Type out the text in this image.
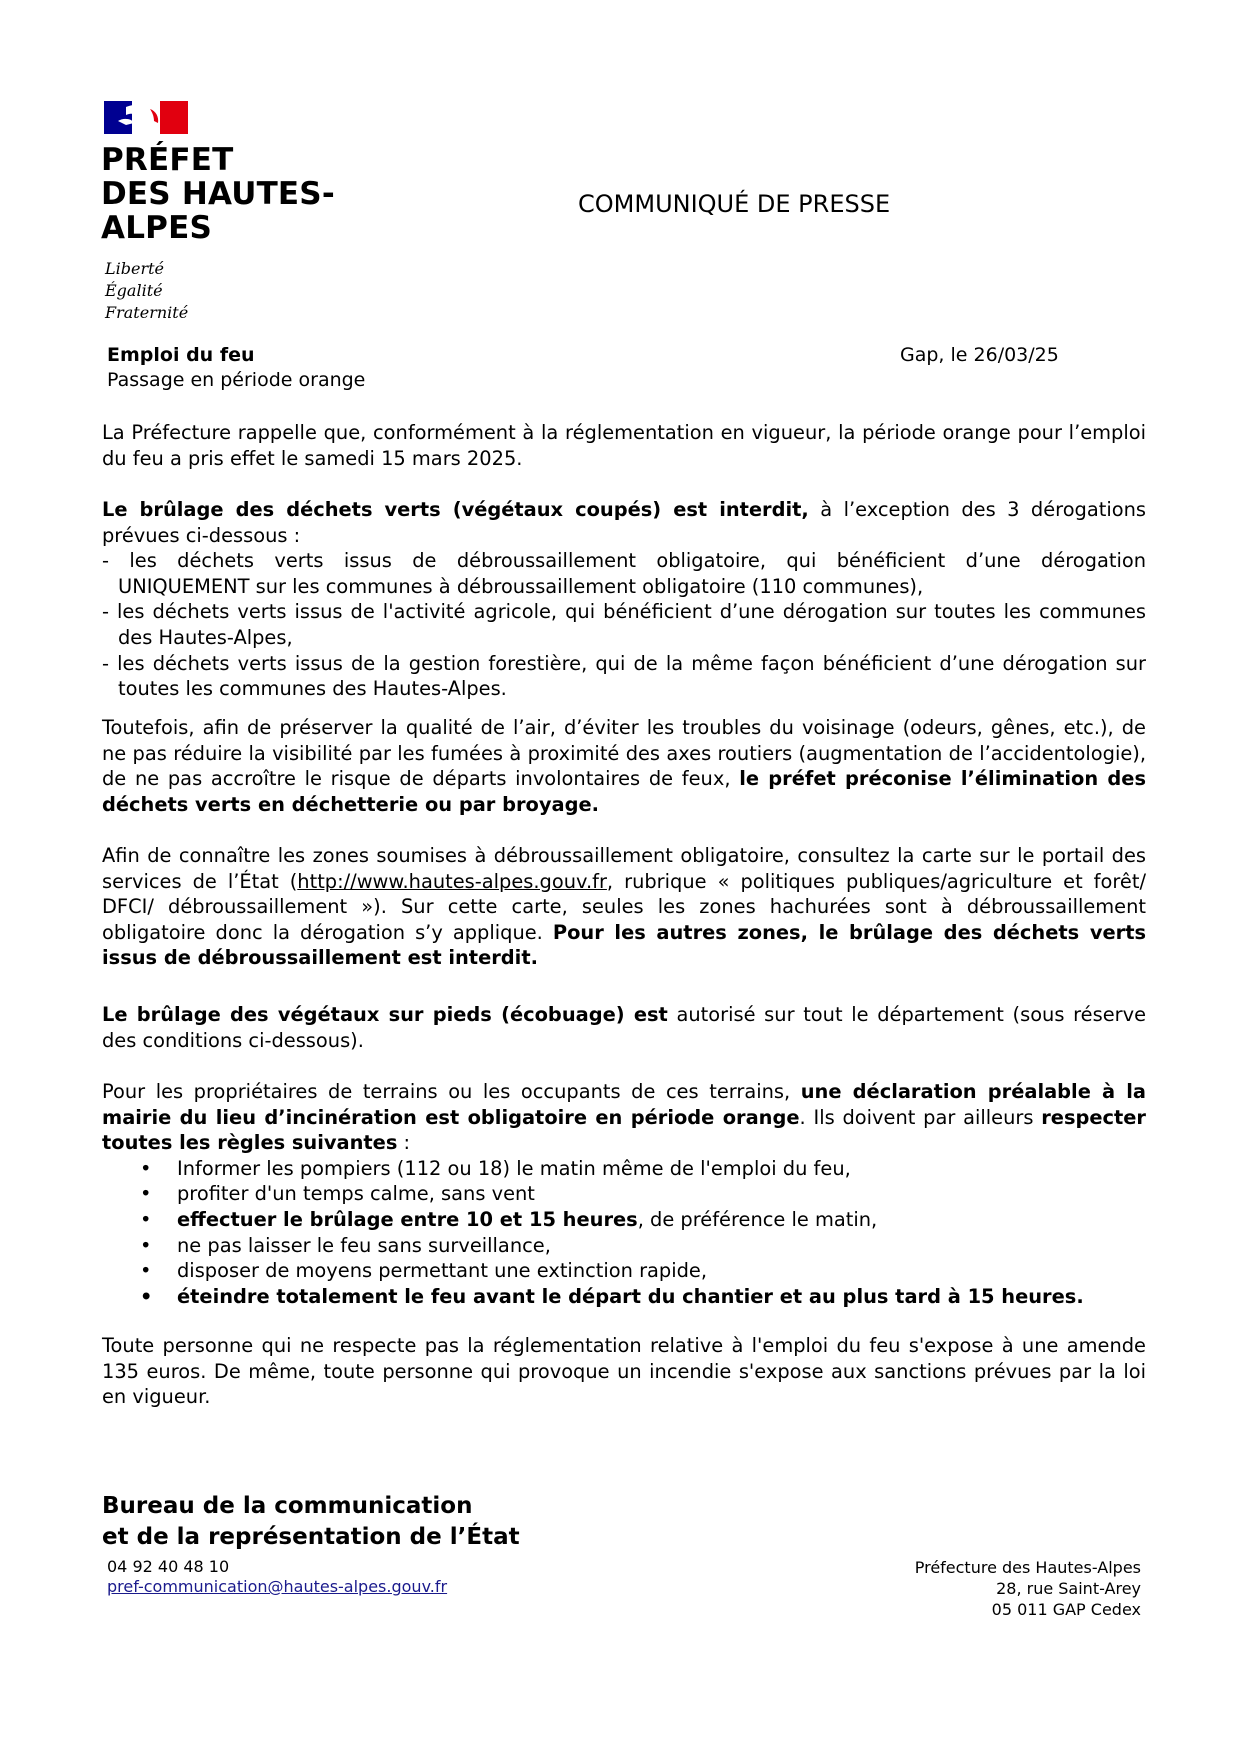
PRÉFET
DES HAUTES-
ALPES
Liberté
Égalité
Fraternité
COMMUNIQUÉ DE PRESSE
Emploi du feu
Passage en période orange
Gap, le 26/03/25

La Préfecture rappelle que, conformément à la réglementation en vigueur, la période orange pour l’emploi du feu a pris effet le samedi 15 mars 2025.

Le brûlage des déchets verts (végétaux coupés) est interdit, à l’exception des 3 dérogations prévues ci-dessous :

- les déchets verts issus de débroussaillement obligatoire, qui bénéficient d’une dérogation

UNIQUEMENT sur les communes à débroussaillement obligatoire (110 communes),

- les déchets verts issus de l'activité agricole, qui bénéficient d’une dérogation sur toutes les communes

des Hautes-Alpes,

- les déchets verts issus de la gestion forestière, qui de la même façon bénéficient d’une dérogation sur

toutes les communes des Hautes-Alpes.

Toutefois, afin de préserver la qualité de l’air, d’éviter les troubles du voisinage (odeurs, gênes, etc.), de ne pas réduire la visibilité par les fumées à proximité des axes routiers (augmentation de l’accidentologie), de ne pas accroître le risque de départs involontaires de feux, le préfet préconise l’élimination des déchets verts en déchetterie ou par broyage.

Afin de connaître les zones soumises à débroussaillement obligatoire, consultez la carte sur le portail des services de l’État (http://www.hautes-alpes.gouv.fr, rubrique « politiques publiques/agriculture et forêt/ DFCI/ débroussaillement »). Sur cette carte, seules les zones hachurées sont à débroussaillement obligatoire donc la dérogation s’y applique. Pour les autres zones, le brûlage des déchets verts issus de débroussaillement est interdit.

Le brûlage des végétaux sur pieds (écobuage) est autorisé sur tout le département (sous réserve des conditions ci-dessous).

Pour les propriétaires de terrains ou les occupants de ces terrains, une déclaration préalable à la mairie du lieu d’incinération est obligatoire en période orange. Ils doivent par ailleurs respecter toutes les règles suivantes :

• Informer les pompiers (112 ou 18) le matin même de l'emploi du feu,
• profiter d'un temps calme, sans vent
• effectuer le brûlage entre 10 et 15 heures, de préférence le matin,
• ne pas laisser le feu sans surveillance,
• disposer de moyens permettant une extinction rapide,
• éteindre totalement le feu avant le départ du chantier et au plus tard à 15 heures.

Toute personne qui ne respecte pas la réglementation relative à l'emploi du feu s'expose à une amende 135 euros. De même, toute personne qui provoque un incendie s'expose aux sanctions prévues par la loi en vigueur.

Bureau de la communication
et de la représentation de l’État
04 92 40 48 10
pref-communication@hautes-alpes.gouv.fr
Préfecture des Hautes-Alpes
28, rue Saint-Arey
05 011 GAP Cedex
